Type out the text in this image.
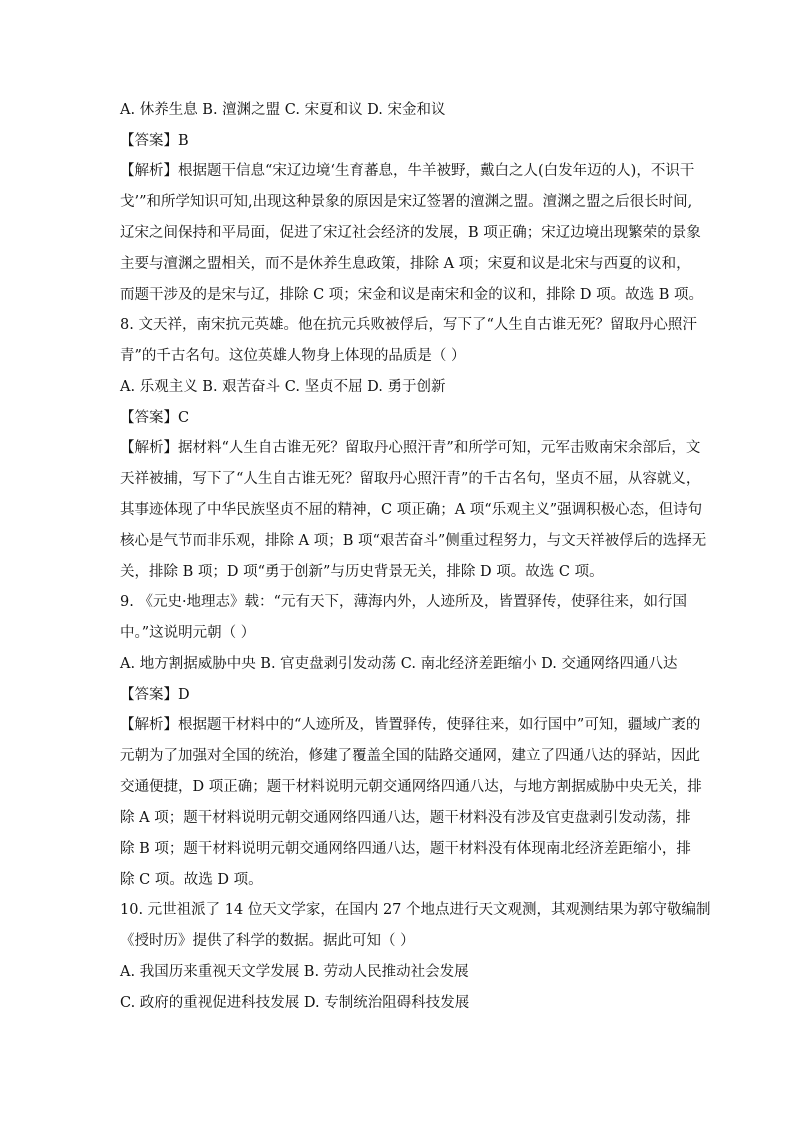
A. 休养生息 B. 澶渊之盟 C. 宋夏和议 D. 宋金和议
【答案】B
【解析】根据题干信息“宋辽边境‘生育蕃息，牛羊被野，戴白之人(白发年迈的人)，不识干
戈’”和所学知识可知,出现这种景象的原因是宋辽签署的澶渊之盟。澶渊之盟之后很长时间,
辽宋之间保持和平局面，促进了宋辽社会经济的发展，B 项正确；宋辽边境出现繁荣的景象
主要与澶渊之盟相关，而不是休养生息政策，排除 A 项；宋夏和议是北宋与西夏的议和，
而题干涉及的是宋与辽，排除 C 项；宋金和议是南宋和金的议和，排除 D 项。故选 B 项。
8. 文天祥，南宋抗元英雄。他在抗元兵败被俘后，写下了“人生自古谁无死？留取丹心照汗
青”的千古名句。这位英雄人物身上体现的品质是（ ）
A. 乐观主义 B. 艰苦奋斗 C. 坚贞不屈 D. 勇于创新
【答案】C
【解析】据材料“人生自古谁无死？留取丹心照汗青”和所学可知，元军击败南宋余部后，文
天祥被捕，写下了“人生自古谁无死？留取丹心照汗青”的千古名句，坚贞不屈，从容就义，
其事迹体现了中华民族坚贞不屈的精神，C 项正确；A 项“乐观主义”强调积极心态，但诗句
核心是气节而非乐观，排除 A 项；B 项“艰苦奋斗”侧重过程努力，与文天祥被俘后的选择无
关，排除 B 项；D 项“勇于创新”与历史背景无关，排除 D 项。故选 C 项。
9. 《元史·地理志》载：“元有天下，薄海内外，人迹所及，皆置驿传，使驿往来，如行国
中。”这说明元朝（ ）
A. 地方割据威胁中央 B. 官吏盘剥引发动荡 C. 南北经济差距缩小 D. 交通网络四通八达
【答案】D
【解析】根据题干材料中的“人迹所及，皆置驿传，使驿往来，如行国中”可知，疆域广袤的
元朝为了加强对全国的统治，修建了覆盖全国的陆路交通网，建立了四通八达的驿站，因此
交通便捷，D 项正确；题干材料说明元朝交通网络四通八达，与地方割据威胁中央无关，排
除 A 项；题干材料说明元朝交通网络四通八达，题干材料没有涉及官吏盘剥引发动荡，排
除 B 项；题干材料说明元朝交通网络四通八达，题干材料没有体现南北经济差距缩小，排
除 C 项。故选 D 项。
10. 元世祖派了 14 位天文学家，在国内 27 个地点进行天文观测，其观测结果为郭守敬编制
《授时历》提供了科学的数据。据此可知（ ）
A. 我国历来重视天文学发展 B. 劳动人民推动社会发展
C. 政府的重视促进科技发展 D. 专制统治阻碍科技发展
